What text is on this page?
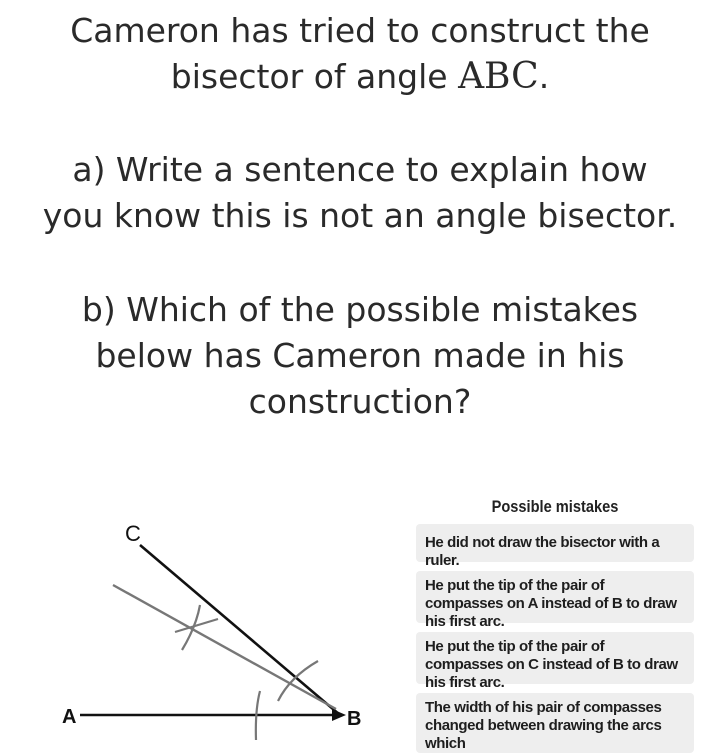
Cameron has tried to construct the

bisector of angle ABC.

a) Write a sentence to explain how

you know this is not an angle bisector.

b) Which of the possible mistakes

below has Cameron made in his

construction?

A	B
C
Possible mistakes
He did not draw the bisector with a ruler.
He put the tip of the pair of compasses on A instead of B to draw his first arc.
He put the tip of the pair of compasses on C instead of B to draw his first arc.
The width of his pair of compasses changed between drawing the arcs which
